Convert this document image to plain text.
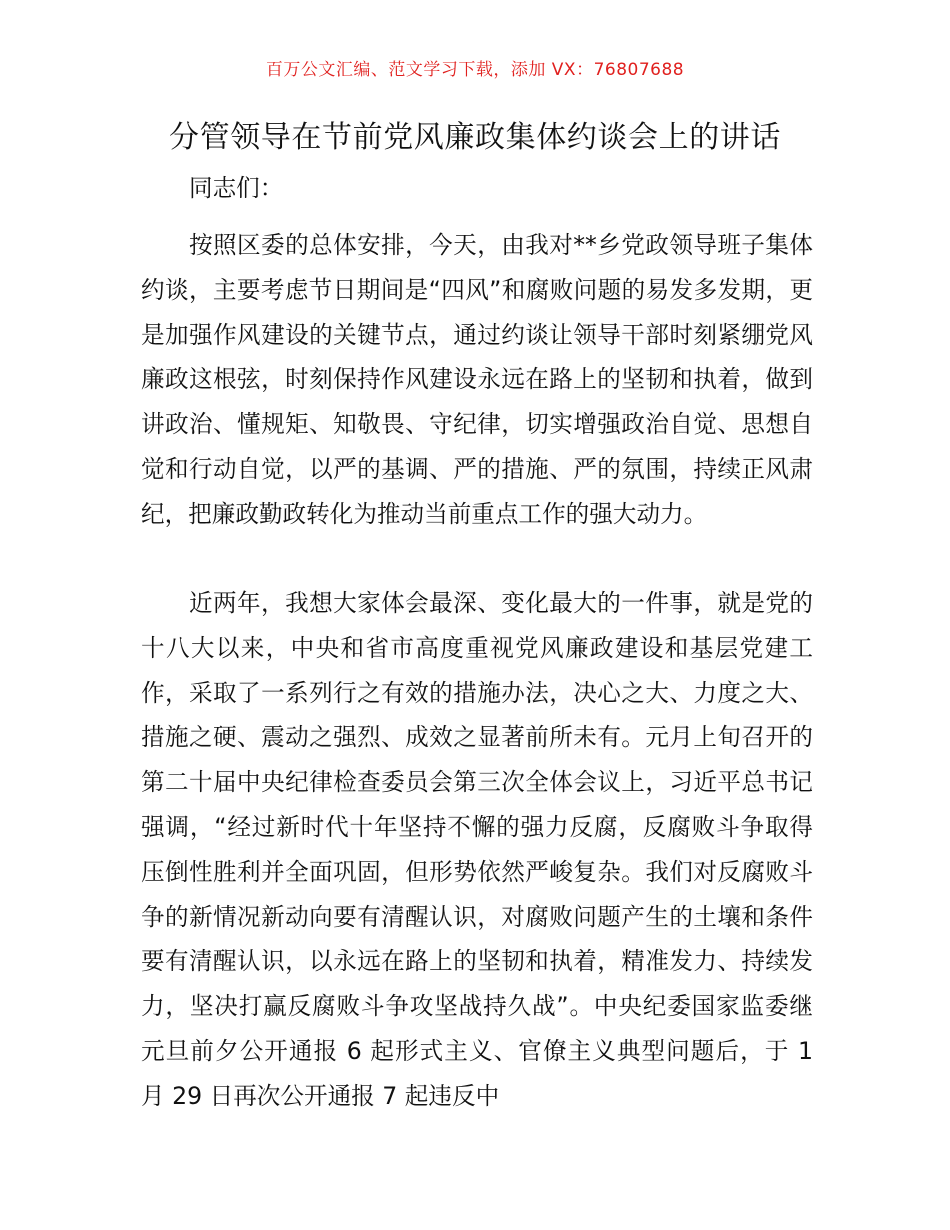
百万公文汇编、范文学习下载，添加 VX：76807688
分管领导在节前党风廉政集体约谈会上的讲话

同志们：

按照区委的总体安排，今天，由我对**乡党政领导班子集体约谈，主要考虑节日期间是“四风”和腐败问题的易发多发期，更是加强作风建设的关键节点，通过约谈让领导干部时刻紧绷党风廉政这根弦，时刻保持作风建设永远在路上的坚韧和执着，做到讲政治、懂规矩、知敬畏、守纪律，切实增强政治自觉、思想自觉和行动自觉，以严的基调、严的措施、严的氛围，持续正风肃纪，把廉政勤政转化为推动当前重点工作的强大动力。

近两年，我想大家体会最深、变化最大的一件事，就是党的十八大以来，中央和省市高度重视党风廉政建设和基层党建工作，采取了一系列行之有效的措施办法，决心之大、力度之大、措施之硬、震动之强烈、成效之显著前所未有。元月上旬召开的　第二十届中央纪律检查委员会第三次全体会议上，习近平总书记强调，“经过新时代十年坚持不懈的强力反腐，反腐败斗争取得压倒性胜利并全面巩固，但形势依然严峻复杂。我们对反腐败斗争的新情况新动向要有清醒认识，对腐败问题产生的土壤和条件要有清醒认识，以永远在路上的坚韧和执着，精准发力、持续发力，坚决打赢反腐败斗争攻坚战持久战”。中央纪委国家监委继元旦前夕公开通报 6 起形式主义、官僚主义典型问题后，于 1 月 29 日再次公开通报 7 起违反中
